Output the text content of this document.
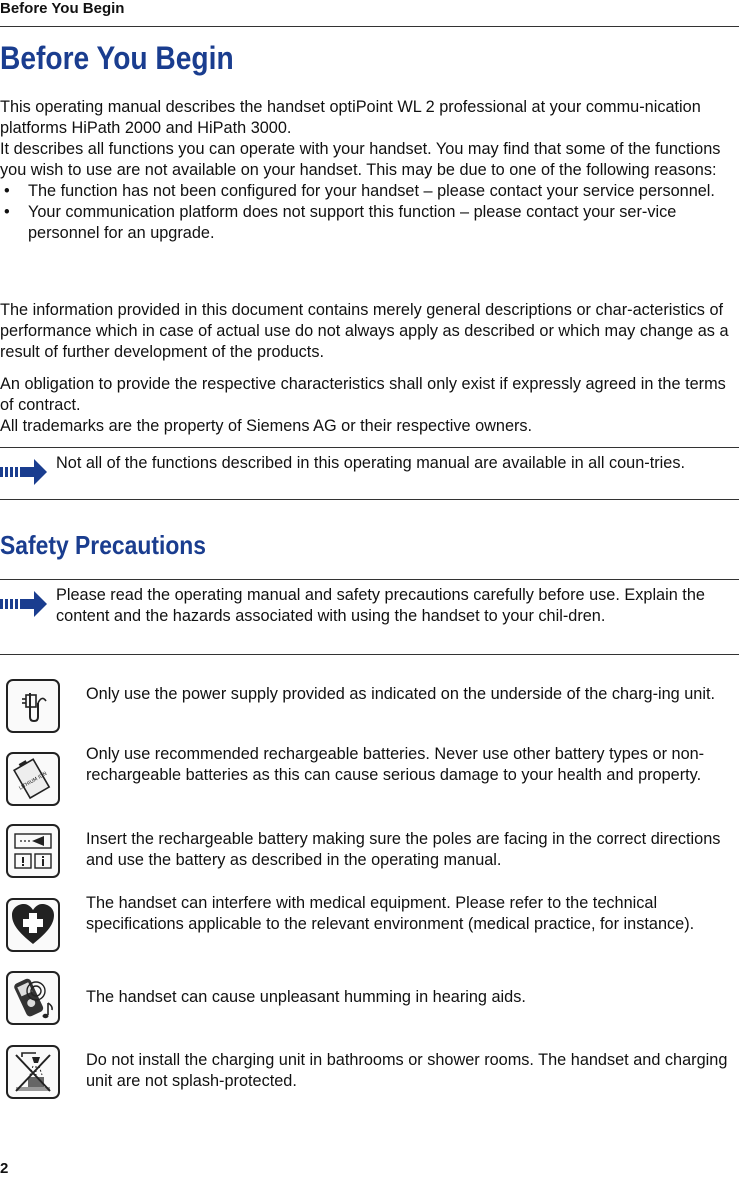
Before You Begin
Before You Begin

This operating manual describes the handset optiPoint WL 2 professional at your commu-nication platforms HiPath 2000 and HiPath 3000.

It describes all functions you can operate with your handset. You may find that some of the functions you wish to use are not available on your handset. This may be due to one of the following reasons:

• The function has not been configured for your handset – please contact your service personnel.
• Your communication platform does not support this function – please contact your ser-vice personnel for an upgrade.

The information provided in this document contains merely general descriptions or char-acteristics of performance which in case of actual use do not always apply as described or which may change as a result of further development of the products.

An obligation to provide the respective characteristics shall only exist if expressly agreed in the terms of contract.

All trademarks are the property of Siemens AG or their respective owners.

Not all of the functions described in this operating manual are available in all coun-tries.
Safety Precautions
Please read the operating manual and safety precautions carefully before use. Explain the content and the hazards associated with using the handset to your chil-dren.
Only use the power supply provided as indicated on the underside of the charg-ing unit.
LITHIUM ION
Only use recommended rechargeable batteries. Never use other battery types or non-rechargeable batteries as this can cause serious damage to your health and property.
Insert the rechargeable battery making sure the poles are facing in the correct directions and use the battery as described in the operating manual.
The handset can interfere with medical equipment. Please refer to the technical specifications applicable to the relevant environment (medical practice, for instance).
The handset can cause unpleasant humming in hearing aids.
Do not install the charging unit in bathrooms or shower rooms. The handset and charging unit are not splash-protected.
2
